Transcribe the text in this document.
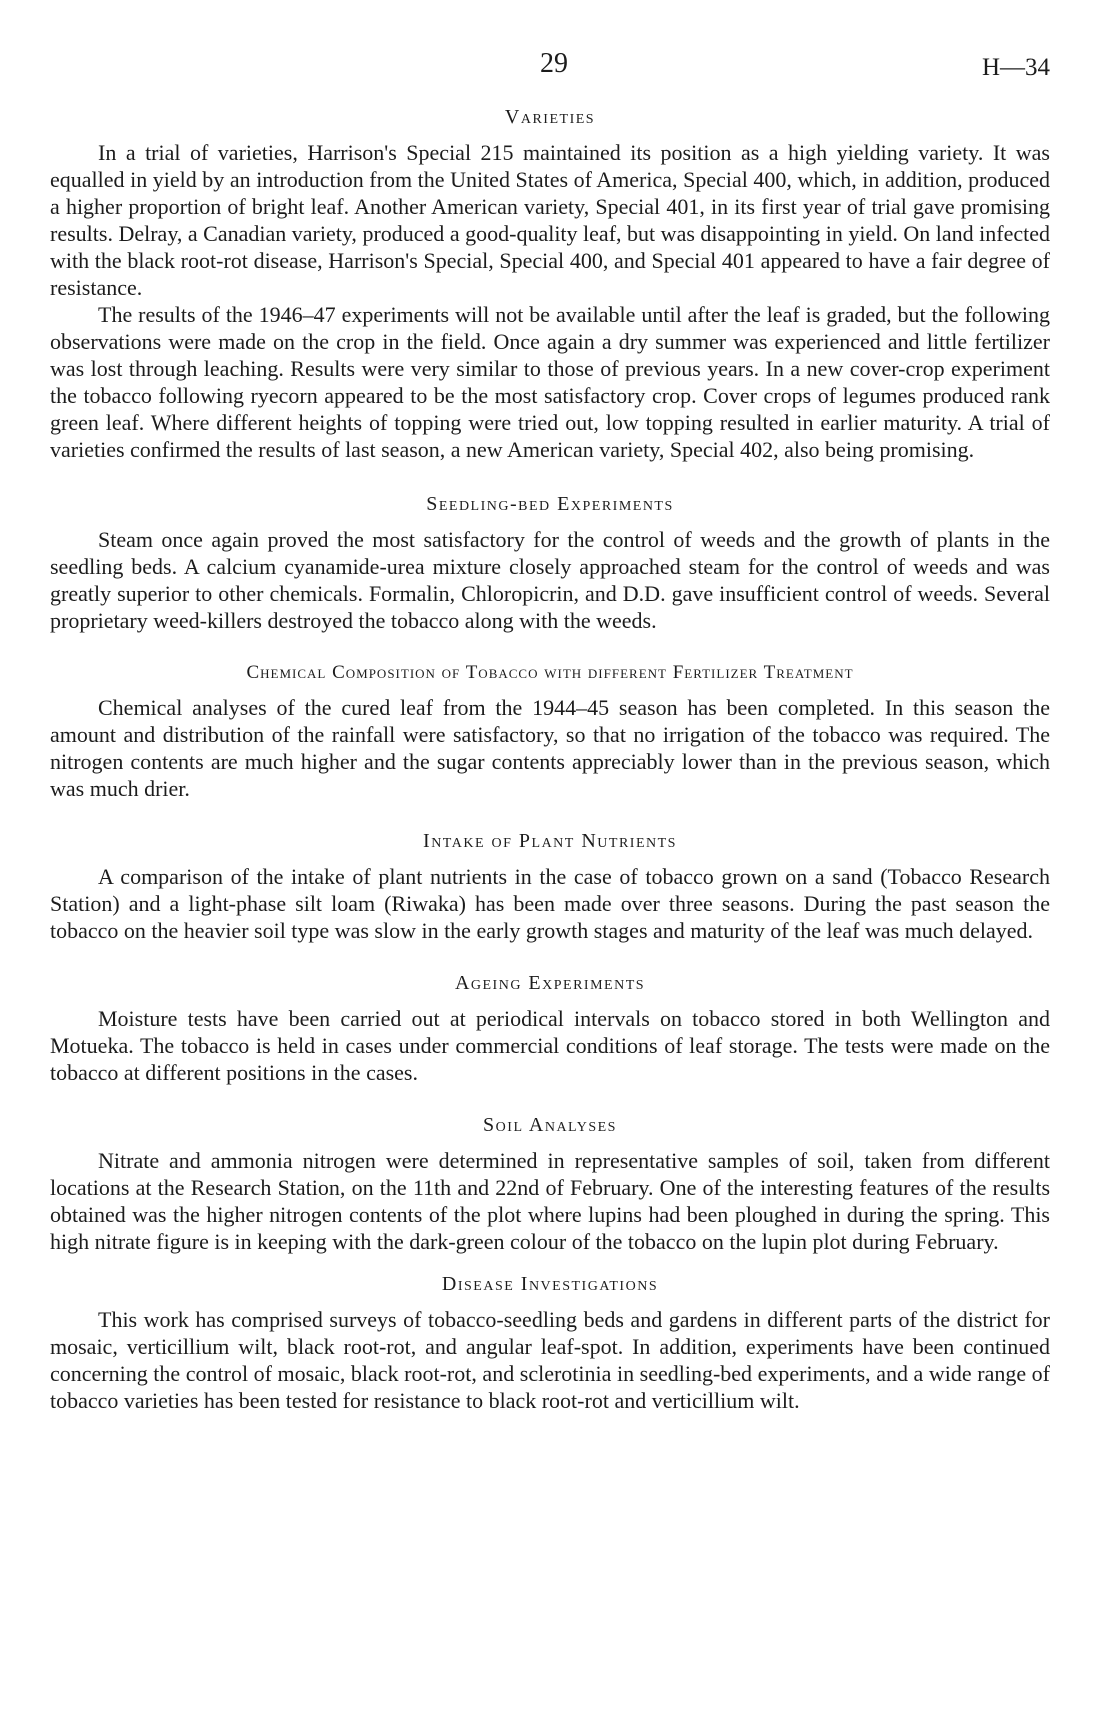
29	H—34
Varieties

In a trial of varieties, Harrison's Special 215 maintained its position as a high yielding variety. It was equalled in yield by an introduction from the United States of America, Special 400, which, in addition, produced a higher proportion of bright leaf. Another American variety, Special 401, in its first year of trial gave promising results. Delray, a Canadian variety, produced a good-quality leaf, but was disappointing in yield. On land infected with the black root-rot disease, Harrison's Special, Special 400, and Special 401 appeared to have a fair degree of resistance.

The results of the 1946–47 experiments will not be available until after the leaf is graded, but the following observations were made on the crop in the field. Once again a dry summer was experienced and little fertilizer was lost through leaching. Results were very similar to those of previous years. In a new cover-crop experiment the tobacco following ryecorn appeared to be the most satisfactory crop. Cover crops of legumes produced rank green leaf. Where different heights of topping were tried out, low topping resulted in earlier maturity. A trial of varieties confirmed the results of last season, a new American variety, Special 402, also being promising.

Seedling-bed Experiments

Steam once again proved the most satisfactory for the control of weeds and the growth of plants in the seedling beds. A calcium cyanamide-urea mixture closely approached steam for the control of weeds and was greatly superior to other chemicals. Formalin, Chloropicrin, and D.D. gave insufficient control of weeds. Several proprietary weed-killers destroyed the tobacco along with the weeds.

Chemical Composition of Tobacco with different Fertilizer Treatment

Chemical analyses of the cured leaf from the 1944–45 season has been completed. In this season the amount and distribution of the rainfall were satisfactory, so that no irrigation of the tobacco was required. The nitrogen contents are much higher and the sugar contents appreciably lower than in the previous season, which was much drier.

Intake of Plant Nutrients

A comparison of the intake of plant nutrients in the case of tobacco grown on a sand (Tobacco Research Station) and a light-phase silt loam (Riwaka) has been made over three seasons. During the past season the tobacco on the heavier soil type was slow in the early growth stages and maturity of the leaf was much delayed.

Ageing Experiments

Moisture tests have been carried out at periodical intervals on tobacco stored in both Wellington and Motueka. The tobacco is held in cases under commercial conditions of leaf storage. The tests were made on the tobacco at different positions in the cases.

Soil Analyses

Nitrate and ammonia nitrogen were determined in representative samples of soil, taken from different locations at the Research Station, on the 11th and 22nd of February. One of the interesting features of the results obtained was the higher nitrogen contents of the plot where lupins had been ploughed in during the spring. This high nitrate figure is in keeping with the dark-green colour of the tobacco on the lupin plot during February.

Disease Investigations

This work has comprised surveys of tobacco-seedling beds and gardens in different parts of the district for mosaic, verticillium wilt, black root-rot, and angular leaf-spot. In addition, experiments have been continued concerning the control of mosaic, black root-rot, and sclerotinia in seedling-bed experiments, and a wide range of tobacco varieties has been tested for resistance to black root-rot and verticillium wilt.
